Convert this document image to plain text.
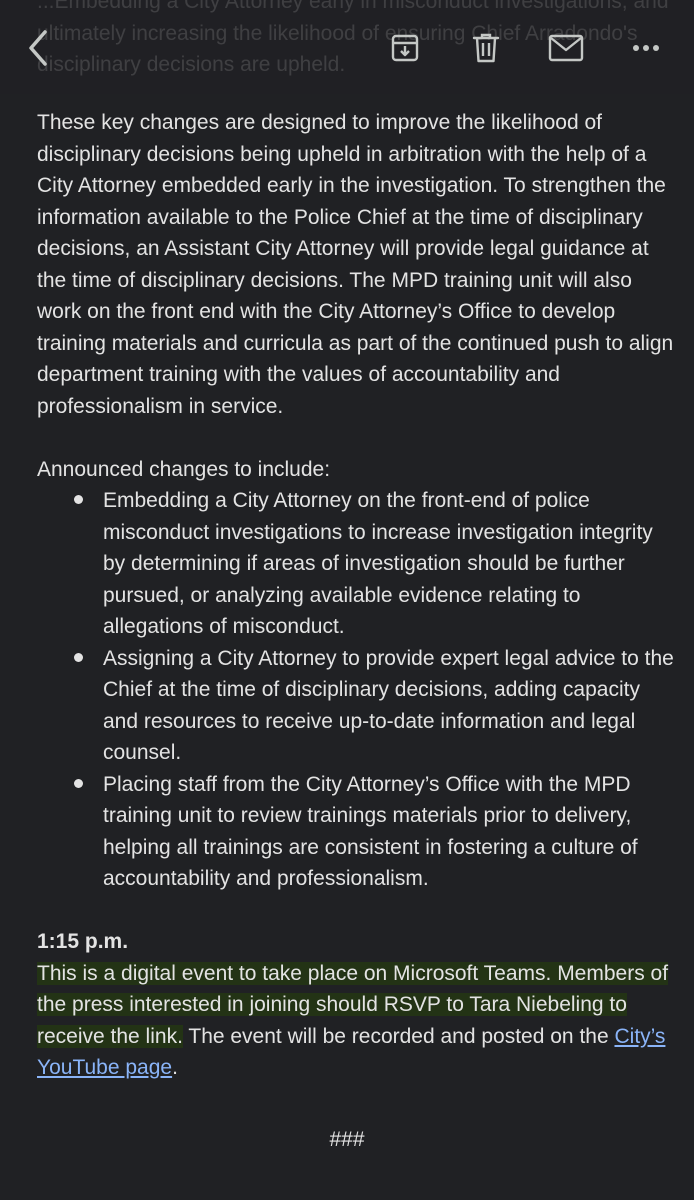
These key changes are designed to improve the likelihood of disciplinary decisions being upheld in arbitration with the help of a City Attorney embedded early in the investigation. To strengthen the information available to the Police Chief at the time of disciplinary decisions, an Assistant City Attorney will provide legal guidance at the time of disciplinary decisions. The MPD training unit will also work on the front end with the City Attorney’s Office to develop training materials and curricula as part of the continued push to align department training with the values of accountability and professionalism in service.

Announced changes to include:

Embedding a City Attorney on the front-end of police misconduct investigations to increase investigation integrity by determining if areas of investigation should be further pursued, or analyzing available evidence relating to allegations of misconduct.
Assigning a City Attorney to provide expert legal advice to the Chief at the time of disciplinary decisions, adding capacity and resources to receive up-to-date information and legal counsel.
Placing staff from the City Attorney’s Office with the MPD training unit to review trainings materials prior to delivery, helping all trainings are consistent in fostering a culture of accountability and professionalism.

1:15 p.m.

This is a digital event to take place on Microsoft Teams. Members of the press interested in joining should RSVP to Tara Niebeling to receive the link. The event will be recorded and posted on the City’s YouTube page.

###
